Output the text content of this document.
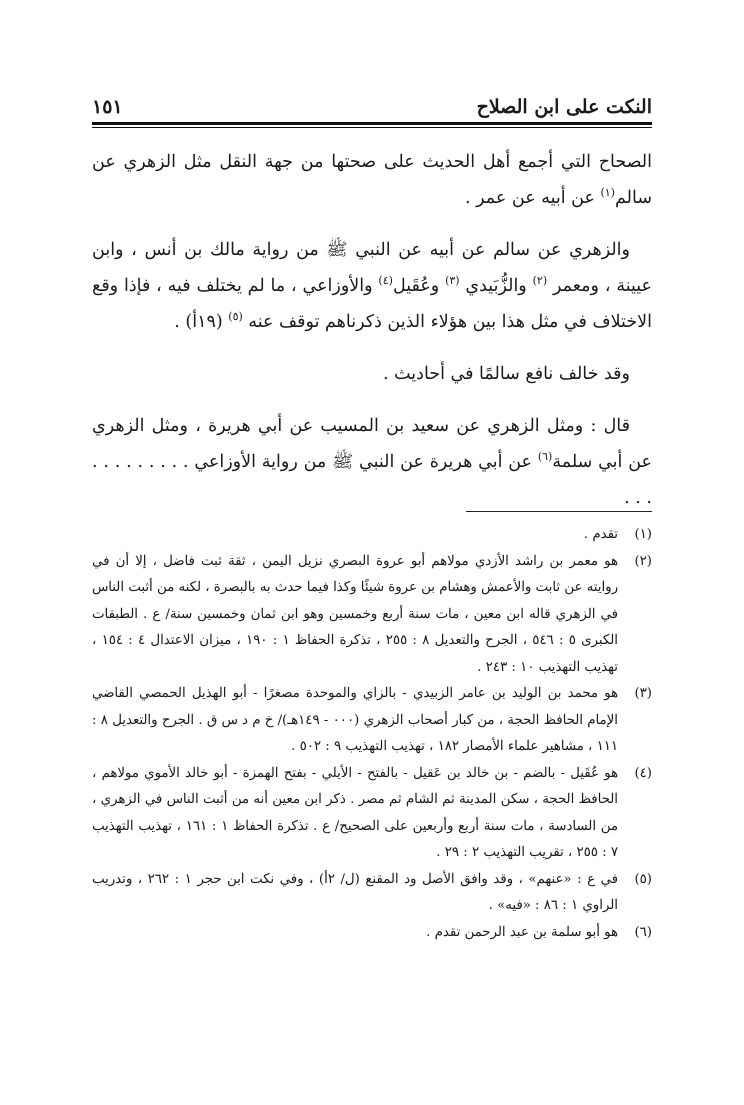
النكت على ابن الصلاح
١٥١

الصحاح التي أجمع أهل الحديث على صحتها من جهة النقل مثل الزهري عن سالم$^{(١)}$ عن أبيه عن عمر .

والزهري عن سالم عن أبيه عن النبي ﷺ من رواية مالك بن أنس ، وابن عيينة ، ومعمر $^{(٢)}$ والزُّبَيدي $^{(٣)}$ وعُقَيل$^{(٤)}$ والأوزاعي ، ما لم يختلف فيه ، فإذا وقع الاختلاف في مثل هذا بين هؤلاء الذين ذكرناهم توقف عنه $^{(٥)}$ (١٩أ) .

وقد خالف نافع سالمًا في أحاديث .

قال : ومثل الزهري عن سعيد بن المسيب عن أبي هريرة ، ومثل الزهري عن أبي سلمة$^{(٦)}$ عن أبي هريرة عن النبي ﷺ من رواية الأوزاعي . . . . . . . . . . . .

(١)
تقدم .
(٢)
هو معمر بن راشد الأزدي مولاهم أبو عروة البصري نزيل اليمن ، ثقة ثبت فاضل ، إلا أن في روايته عن ثابت والأعمش وهشام بن عروة شيئًا وكذا فيما حدث به بالبصرة ، لكنه من أثبت الناس في الزهري قاله ابن معين ، مات سنة أربع وخمسين وهو ابن ثمان وخمسين سنة/ ع . الطبقات الكبرى ٥ : ٥٤٦ ، الجرح والتعديل ٨ : ٢٥٥ ، تذكرة الحفاظ ١ : ١٩٠ ، ميزان الاعتدال ٤ : ١٥٤ ، تهذيب التهذيب ١٠ : ٢٤٣ .
(٣)
هو محمد بن الوليد بن عامر الزبيدي - بالزاي والموحدة مصغرًا - أبو الهذيل الحمصي القاضي الإمام الحافظ الحجة ، من كبار أصحاب الزهري (٠٠٠ - ١٤٩هـ)/ خ م د س ق . الجرح والتعديل ٨ : ١١١ ، مشاهير علماء الأمصار ١٨٢ ، تهذيب التهذيب ٩ : ٥٠٢ .
(٤)
هو عُقَيل - بالضم - بن خالد بن عَقيل - بالفتح - الأيلي - بفتح الهمزة - أبو خالد الأموي مولاهم ، الحافظ الحجة ، سكن المدينة ثم الشام ثم مصر . ذكر ابن معين أنه من أثبت الناس في الزهري ، من السادسة ، مات سنة أربع وأربعين على الصحيح/ ع . تذكرة الحفاظ ١ : ١٦١ ، تهذيب التهذيب ٧ : ٢٥٥ ، تقريب التهذيب ٢ : ٢٩ .
(٥)
في ع : «عنهم» ، وقد وافق الأصل ود المقنع (ل/ ٢أ) ، وفي نكت ابن حجر ١ : ٢٦٢ ، وتدريب الراوي ١ : ٨٦ : «فيه» .
(٦)
هو أبو سلمة بن عبد الرحمن تقدم .
